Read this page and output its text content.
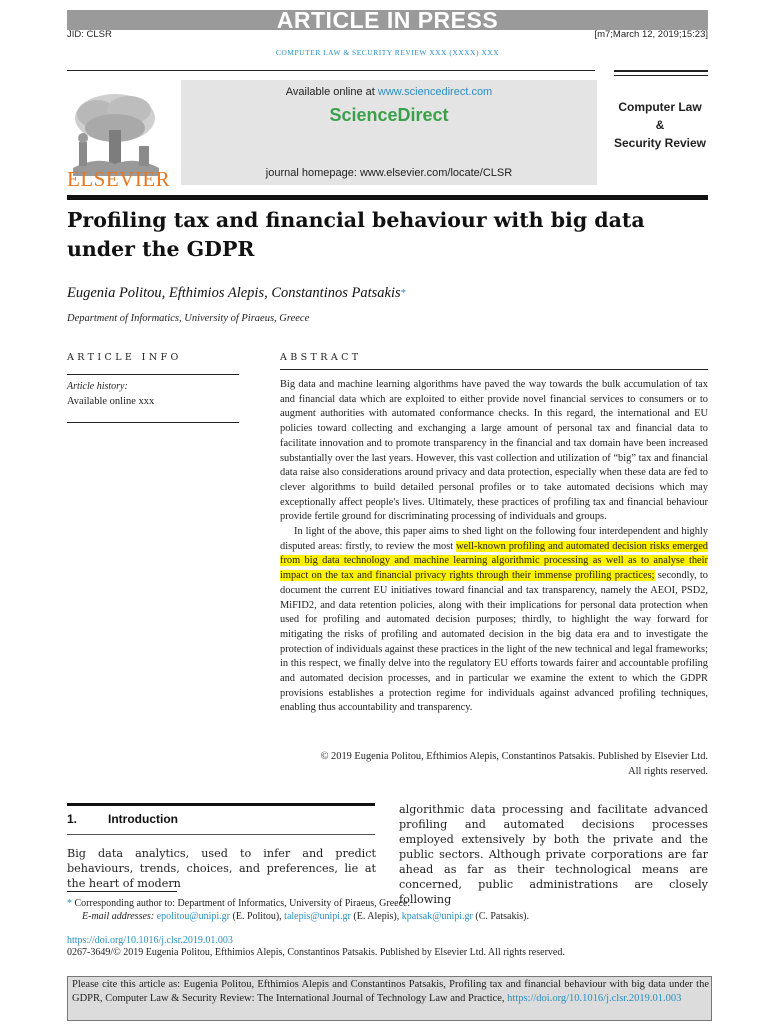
ARTICLE IN PRESS
JID: CLSR	[m7;March 12, 2019;15:23]
COMPUTER LAW & SECURITY REVIEW XXX (XXXX) XXX
ELSEVIER
Available online at www.sciencedirect.com
ScienceDirect
journal homepage: www.elsevier.com/locate/CLSR
Computer Law
&
Security Review
Profiling tax and financial behaviour with big data under the GDPR
Eugenia Politou, Efthimios Alepis, Constantinos Patsakis*
Department of Informatics, University of Piraeus, Greece
ARTICLE INFO
Article history:
Available online xxx
ABSTRACT

Big data and machine learning algorithms have paved the way towards the bulk accumulation of tax and financial data which are exploited to either provide novel financial services to consumers or to augment authorities with automated conformance checks. In this regard, the international and EU policies toward collecting and exchanging a large amount of personal tax and financial data to facilitate innovation and to promote transparency in the financial and tax domain have been increased substantially over the last years. However, this vast collection and utilization of “big” tax and financial data raise also considerations around privacy and data protection, especially when these data are fed to clever algorithms to build detailed personal profiles or to take automated decisions which may exceptionally affect people's lives. Ultimately, these practices of profiling tax and financial behaviour provide fertile ground for discriminating processing of individuals and groups.

In light of the above, this paper aims to shed light on the following four interdependent and highly disputed areas: firstly, to review the most well-known profiling and automated decision risks emerged from big data technology and machine learning algorithmic processing as well as to analyse their impact on the tax and financial privacy rights through their immense profiling practices; secondly, to document the current EU initiatives toward financial and tax transparency, namely the AEOI, PSD2, MiFID2, and data retention policies, along with their implications for personal data protection when used for profiling and automated decision purposes; thirdly, to highlight the way forward for mitigating the risks of profiling and automated decision in the big data era and to investigate the protection of individuals against these practices in the light of the new technical and legal frameworks; in this respect, we finally delve into the regulatory EU efforts towards fairer and accountable profiling and automated decision processes, and in particular we examine the extent to which the GDPR provisions establishes a protection regime for individuals against advanced profiling techniques, enabling thus accountability and transparency.

© 2019 Eugenia Politou, Efthimios Alepis, Constantinos Patsakis. Published by Elsevier Ltd.
All rights reserved.
1.	Introduction
Big data analytics, used to infer and predict behaviours, trends, choices, and preferences, lie at the heart of modern
algorithmic data processing and facilitate advanced profiling and automated decisions processes employed extensively by both the private and the public sectors. Although private corporations are far ahead as far as their technological means are concerned, public administrations are closely following
* Corresponding author to: Department of Informatics, University of Piraeus, Greece.
E-mail addresses: epolitou@unipi.gr (E. Politou), talepis@unipi.gr (E. Alepis), kpatsak@unipi.gr (C. Patsakis).
https://doi.org/10.1016/j.clsr.2019.01.003
0267-3649/© 2019 Eugenia Politou, Efthimios Alepis, Constantinos Patsakis. Published by Elsevier Ltd. All rights reserved.
Please cite this article as: Eugenia Politou, Efthimios Alepis and Constantinos Patsakis, Profiling tax and financial behaviour with big data under the GDPR, Computer Law & Security Review: The International Journal of Technology Law and Practice, https://doi.org/10.1016/j.clsr.2019.01.003
